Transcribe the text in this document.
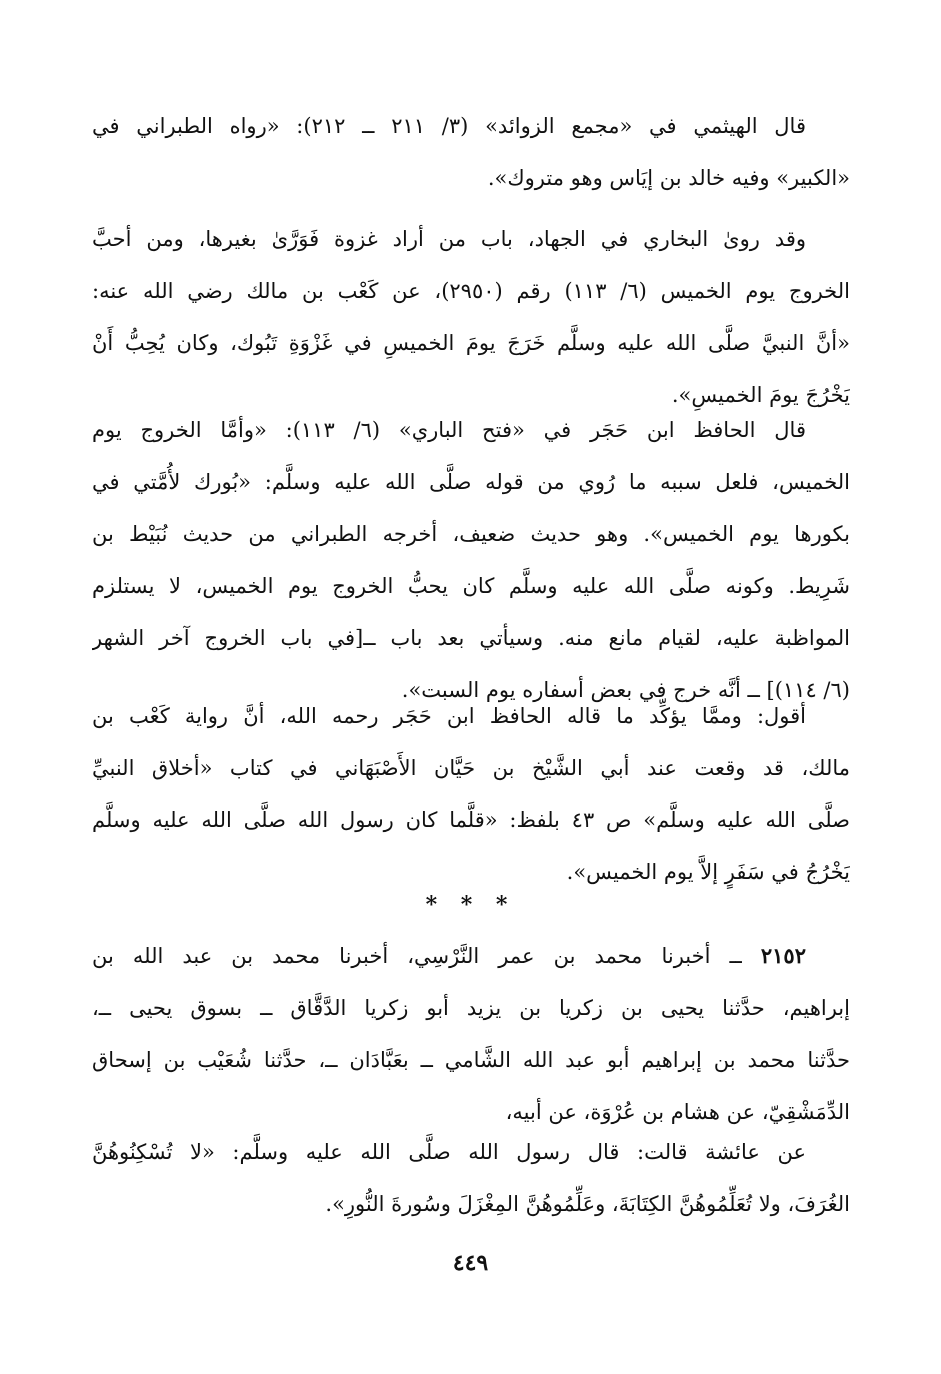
قال الهيثمي في «مجمع الزوائد» (٣/ ٢١١ ــ ٢١٢): «رواه الطبراني في
«الكبير» وفيه خالد بن إيَاس وهو متروك».
وقد روىٰ البخاري في الجهاد، باب من أراد غزوة فَوَرَّىٰ بغيرها، ومن أحبَّ
الخروج يوم الخميس (٦/ ١١٣) رقم (٢٩٥٠)، عن كَعْب بن مالك رضي الله عنه:
«أنَّ النبيَّ صلَّى الله عليه وسلَّم خَرَجَ يومَ الخميسِ في غَزْوَةِ تَبُوك، وكان يُحِبُّ أَنْ
يَخْرُجَ يومَ الخميسِ».
قال الحافظ ابن حَجَر في «فتح الباري» (٦/ ١١٣): «وأمَّا الخروج يوم
الخميس، فلعل سببه ما رُوي من قوله صلَّى الله عليه وسلَّم: «بُورك لأُمَّتي في
بكورها يوم الخميس». وهو حديث ضعيف، أخرجه الطبراني من حديث نُبَيْط بن
شَرِيط. وكونه صلَّى الله عليه وسلَّم كان يحبُّ الخروج يوم الخميس، لا يستلزم
المواظبة عليه، لقيام مانع منه. وسيأتي بعد باب ــ[في باب الخروج آخر الشهر
(٦/ ١١٤)] ــ أنَّه خرج في بعض أسفاره يوم السبت».
أقول: وممَّا يؤكِّد ما قاله الحافظ ابن حَجَر رحمه الله، أنَّ رواية كَعْب بن
مالك، قد وقعت عند أبي الشَّيْخ بن حَيَّان الأَصْبَهَاني في كتاب «أخلاق النبيِّ
صلَّى الله عليه وسلَّم» ص ٤٣ بلفظ: «قلَّما كان رسول الله صلَّى الله عليه وسلَّم
يَخْرُجُ في سَفَرٍ إلاَّ يوم الخميس».
* * *
٢١٥٢ ــ أخبرنا محمد بن عمر النَّرْسِي، أخبرنا محمد بن عبد الله بن
إبراهيم، حدَّثنا يحيى بن زكريا بن يزيد أبو زكريا الدَّقَّاق ــ بسوق يحيى ــ،
حدَّثنا محمد بن إبراهيم أبو عبد الله الشَّامي ــ بعَبَّادَان ــ، حدَّثنا شُعَيْب بن إسحاق
الدِّمَشْقِيّ، عن هشام بن عُرْوَة، عن أبيه،
عن عائشة قالت: قال رسول الله صلَّى الله عليه وسلَّم: «لا تُسْكِنُوهُنَّ
الغُرَفَ، ولا تُعَلِّمُوهُنَّ الكِتَابَةَ، وعَلِّمُوهُنَّ المِغْزَلَ وسُورةَ النُّورِ».
٤٤٩
